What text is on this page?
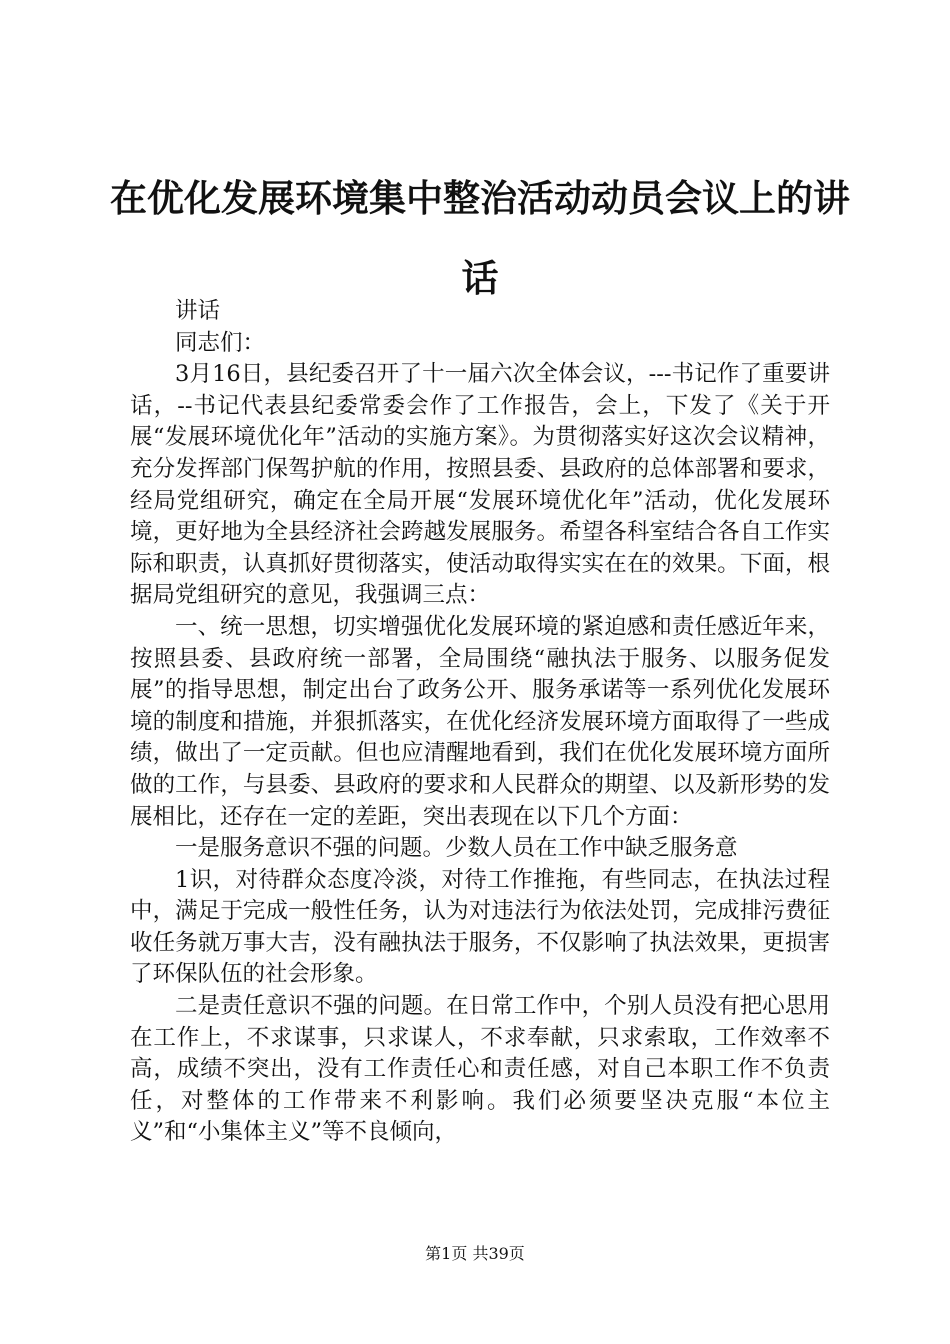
在优化发展环境集中整治活动动员会议上的讲话

讲话

同志们：

3月16日，县纪委召开了十一届六次全体会议，---书记作了重要讲话，--书记代表县纪委常委会作了工作报告，会上，下发了《关于开展“发展环境优化年”活动的实施方案》。为贯彻落实好这次会议精神，充分发挥部门保驾护航的作用，按照县委、县政府的总体部署和要求，经局党组研究，确定在全局开展“发展环境优化年”活动，优化发展环境，更好地为全县经济社会跨越发展服务。希望各科室结合各自工作实际和职责，认真抓好贯彻落实，使活动取得实实在在的效果。下面，根据局党组研究的意见，我强调三点：

一、统一思想，切实增强优化发展环境的紧迫感和责任感近年来，按照县委、县政府统一部署，全局围绕“融执法于服务、以服务促发展”的指导思想，制定出台了政务公开、服务承诺等一系列优化发展环境的制度和措施，并狠抓落实，在优化经济发展环境方面取得了一些成绩，做出了一定贡献。但也应清醒地看到，我们在优化发展环境方面所做的工作，与县委、县政府的要求和人民群众的期望、以及新形势的发展相比，还存在一定的差距，突出表现在以下几个方面：

一是服务意识不强的问题。少数人员在工作中缺乏服务意

1识，对待群众态度冷淡，对待工作推拖，有些同志，在执法过程中，满足于完成一般性任务，认为对违法行为依法处罚，完成排污费征收任务就万事大吉，没有融执法于服务，不仅影响了执法效果，更损害了环保队伍的社会形象。

二是责任意识不强的问题。在日常工作中，个别人员没有把心思用在工作上，不求谋事，只求谋人，不求奉献，只求索取，工作效率不高，成绩不突出，没有工作责任心和责任感，对自己本职工作不负责任，对整体的工作带来不利影响。我们必须要坚决克服“本位主义”和“小集体主义”等不良倾向，

第1页 共39页
